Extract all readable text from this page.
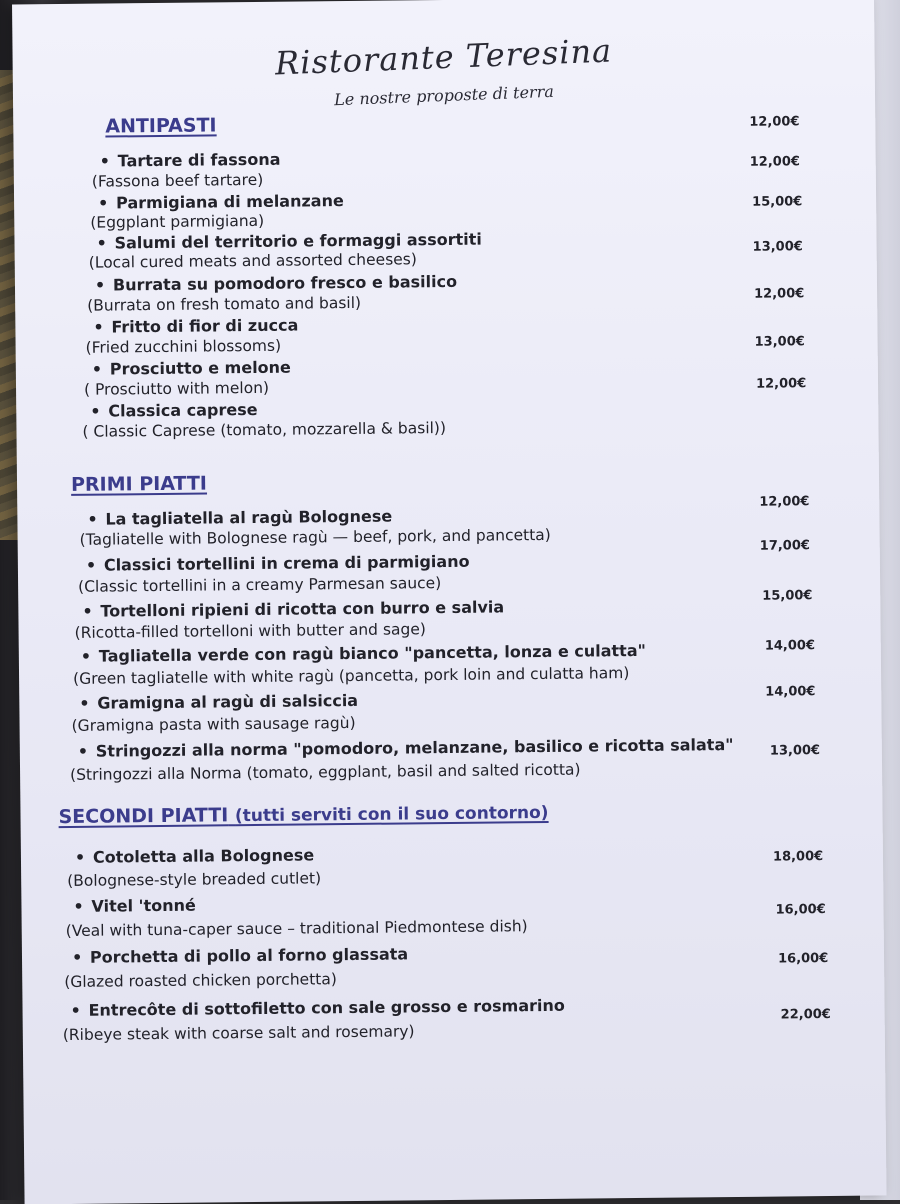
Ristorante Teresina
Le nostre proposte di terra
ANTIPASTI	12,00€
• Tartare di fassona
(Fassona beef tartare)
12,00€
• Parmigiana di melanzane
(Eggplant parmigiana)
15,00€
• Salumi del territorio e formaggi assortiti
(Local cured meats and assorted cheeses)
13,00€
• Burrata su pomodoro fresco e basilico
(Burrata on fresh tomato and basil)	12,00€
• Fritto di fior di zucca
(Fried zucchini blossoms)	13,00€
• Prosciutto e melone
( Prosciutto with melon)	12,00€
• Classica caprese
( Classic Caprese (tomato, mozzarella & basil))
PRIMI PIATTI
• La tagliatella al ragù Bolognese
(Tagliatelle with Bolognese ragù — beef, pork, and pancetta)
12,00€
• Classici tortellini in crema di parmigiano
(Classic tortellini in a creamy Parmesan sauce)
17,00€
• Tortelloni ripieni di ricotta con burro e salvia
(Ricotta-filled tortelloni with butter and sage)
15,00€
• Tagliatella verde con ragù bianco "pancetta, lonza e culatta"
(Green tagliatelle with white ragù (pancetta, pork loin and culatta ham)
14,00€
• Gramigna al ragù di salsiccia
(Gramigna pasta with sausage ragù)
14,00€
• Stringozzi alla norma "pomodoro, melanzane, basilico e ricotta salata"
(Stringozzi alla Norma (tomato, eggplant, basil and salted ricotta)
13,00€
SECONDI PIATTI (tutti serviti con il suo contorno)
• Cotoletta alla Bolognese
(Bolognese-style breaded cutlet)
18,00€
• Vitel 'tonné
(Veal with tuna-caper sauce – traditional Piedmontese dish)
16,00€
• Porchetta di pollo al forno glassata
(Glazed roasted chicken porchetta)
16,00€
• Entrecôte di sottofiletto con sale grosso e rosmarino
(Ribeye steak with coarse salt and rosemary)
22,00€
